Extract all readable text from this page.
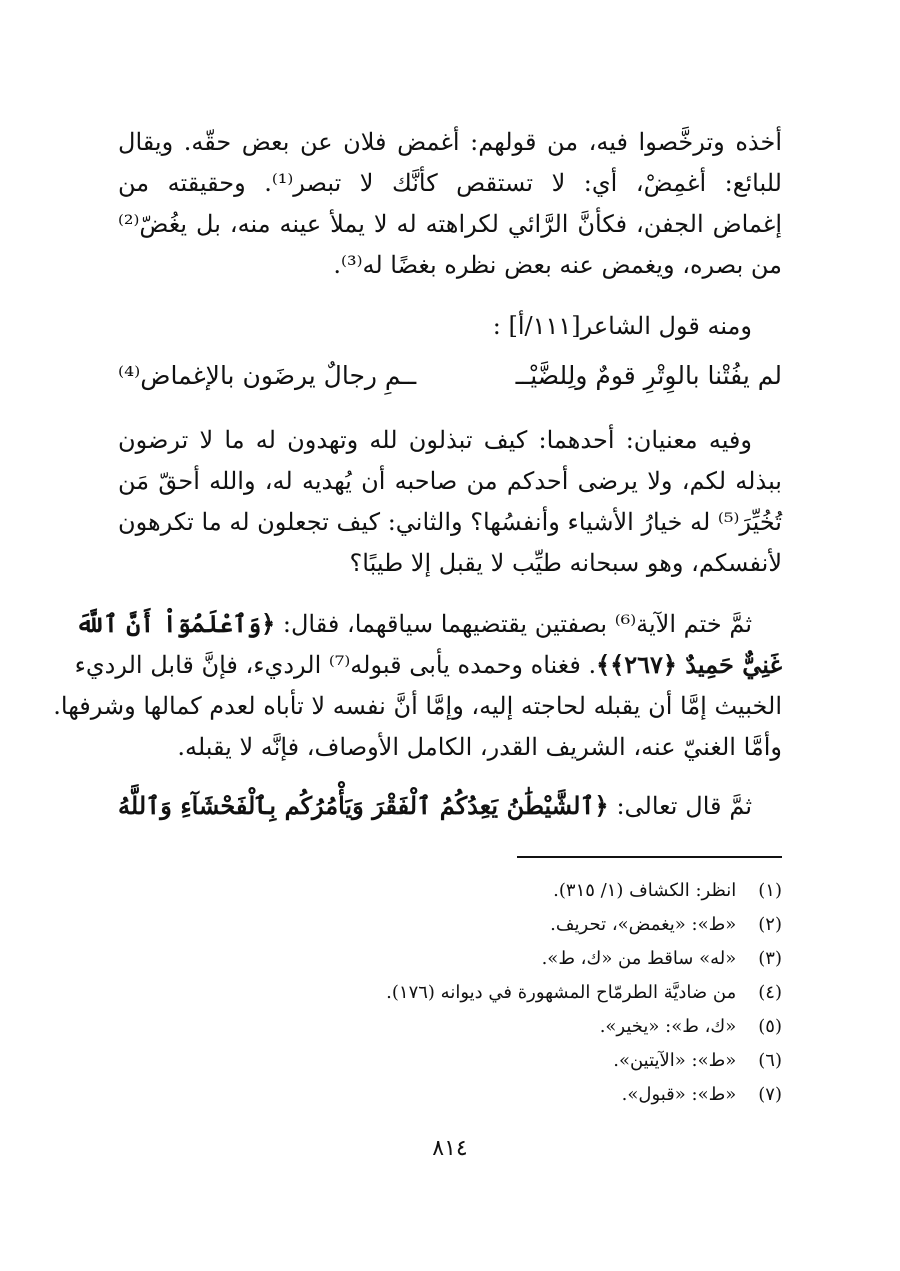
أخذه وترخَّصوا فيه، من قولهم: أغمض فلان عن بعض حقّه. ويقال
للبائع: أغمِضْ، أي: لا تستقص كأنَّك لا تبصر⁽¹⁾. وحقيقته من
إغماض الجفن، فكأنَّ الرَّائي لكراهته له لا يملأ عينه منه، بل يغُضّ⁽²⁾
من بصره، ويغمض عنه بعض نظره بغضًا له⁽³⁾.
ومنه قول الشاعر[١١١/أ] :
لم يفُتْنا بالوِتْرِ قومٌ ولِلضَّيْــ
ــمِ رجالٌ يرضَون بالإغماض⁽⁴⁾
وفيه معنيان: أحدهما: كيف تبذلون لله وتهدون له ما لا ترضون
ببذله لكم، ولا يرضى أحدكم من صاحبه أن يُهديه له، والله أحقّ مَن
تُخُيِّرَ⁽⁵⁾ له خيارُ الأشياء وأنفسُها؟ والثاني: كيف تجعلون له ما تكرهون
لأنفسكم، وهو سبحانه طيِّب لا يقبل إلا طيبًا؟
ثمَّ ختم الآية⁽⁶⁾ بصفتين يقتضيهما سياقهما، فقال: ﴿وَٱعْلَمُوٓاْ أَنَّ ٱللَّهَ
غَنِيٌّ حَمِيدٌ ﴿٢٦٧﴾﴾. فغناه وحمده يأبى قبوله⁽⁷⁾ الرديء، فإنَّ قابل الرديء
الخبيث إمَّا أن يقبله لحاجته إليه، وإمَّا أنَّ نفسه لا تأباه لعدم كمالها وشرفها.
وأمَّا الغنيّ عنه، الشريف القدر، الكامل الأوصاف، فإنَّه لا يقبله.
ثمَّ قال تعالى: ﴿ٱلشَّيْطَٰنُ يَعِدُكُمُ ٱلْفَقْرَ وَيَأْمُرُكُم بِٱلْفَحْشَآءِ وَٱللَّهُ
(١) انظر: الكشاف (١/ ٣١٥).
(٢) «ط»: «يغمض»، تحريف.
(٣) «له» ساقط من «ك، ط».
(٤) من ضاديَّة الطرمّاح المشهورة في ديوانه (١٧٦).
(٥) «ك، ط»: «يخير».
(٦) «ط»: «الآيتين».
(٧) «ط»: «قبول».
٨١٤
